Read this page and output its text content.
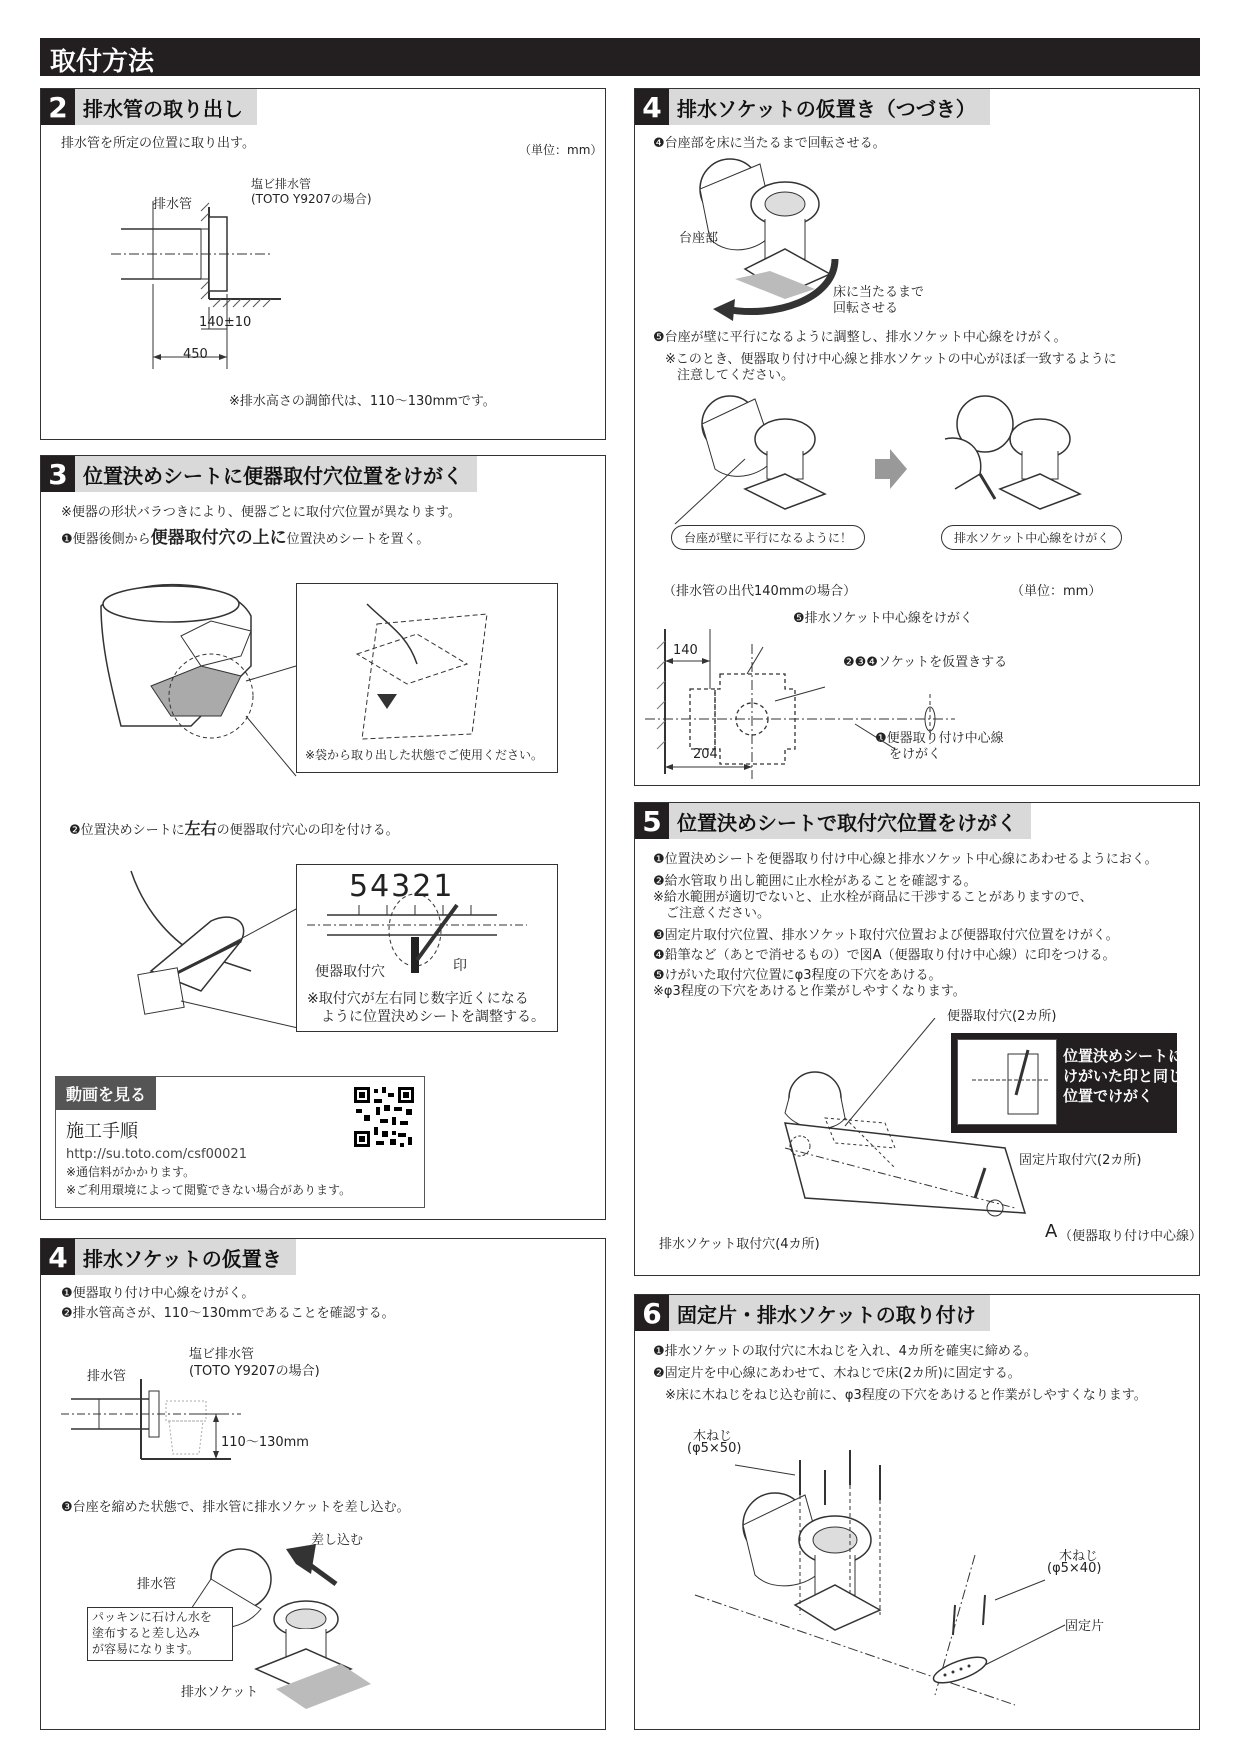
取付方法
2 排水管の取り出し
排水管を所定の位置に取り出す。	（単位：mm）
排水管
塩ビ排水管
(TOTO Y9207の場合)
140±10
450
※排水高さの調節代は、110〜130mmです。
3 位置決めシートに便器取付穴位置をけがく
※便器の形状バラつきにより、便器ごとに取付穴位置が異なります。
❶便器後側から便器取付穴の上に位置決めシートを置く。
※袋から取り出した状態でご使用ください。
❷位置決めシートに左右の便器取付穴心の印を付ける。
54321
便器取付穴	印
※取付穴が左右同じ数字近くになる
ように位置決めシートを調整する。
動画を見る
施工手順
http://su.toto.com/csf00021
※通信料がかかります。
※ご利用環境によって閲覧できない場合があります。
4 排水ソケットの仮置き
❶便器取り付け中心線をけがく。
❷排水管高さが、110〜130mmであることを確認する。
塩ビ排水管
(TOTO Y9207の場合)
排水管
110〜130mm
❸台座を縮めた状態で、排水管に排水ソケットを差し込む。
差し込む
排水管
パッキンに石けん水を
塗布すると差し込み
が容易になります。
排水ソケット
4 排水ソケットの仮置き（つづき）
❹台座部を床に当たるまで回転させる。
台座部
床に当たるまで
回転させる
❺台座が壁に平行になるように調整し、排水ソケット中心線をけがく。
※このとき、便器取り付け中心線と排水ソケットの中心がほぼ一致するように
注意してください。
台座が壁に平行になるように！	排水ソケット中心線をけがく
（排水管の出代140mmの場合）	（単位：mm）
❺排水ソケット中心線をけがく
❷❸❹ソケットを仮置きする
140
204
❶便器取り付け中心線
をけがく
5 位置決めシートで取付穴位置をけがく
❶位置決めシートを便器取り付け中心線と排水ソケット中心線にあわせるようにおく。
❷給水管取り出し範囲に止水栓があることを確認する。
※給水範囲が適切でないと、止水栓が商品に干渉することがありますので、
　ご注意ください。
❸固定片取付穴位置、排水ソケット取付穴位置および便器取付穴位置をけがく。
❹鉛筆など（あとで消せるもの）で図A（便器取り付け中心線）に印をつける。
❺けがいた取付穴位置にφ3程度の下穴をあける。
※φ3程度の下穴をあけると作業がしやすくなります。
便器取付穴(2カ所)
位置決めシートに
けがいた印と同じ
位置でけがく
固定片取付穴(2カ所)
排水ソケット取付穴(4カ所)
A （便器取り付け中心線）
6 固定片・排水ソケットの取り付け
❶排水ソケットの取付穴に木ねじを入れ、4カ所を確実に締める。
❷固定片を中心線にあわせて、木ねじで床(2カ所)に固定する。
※床に木ねじをねじ込む前に、φ3程度の下穴をあけると作業がしやすくなります。
木ねじ
(φ5×50)
木ねじ
(φ5×40)
固定片
